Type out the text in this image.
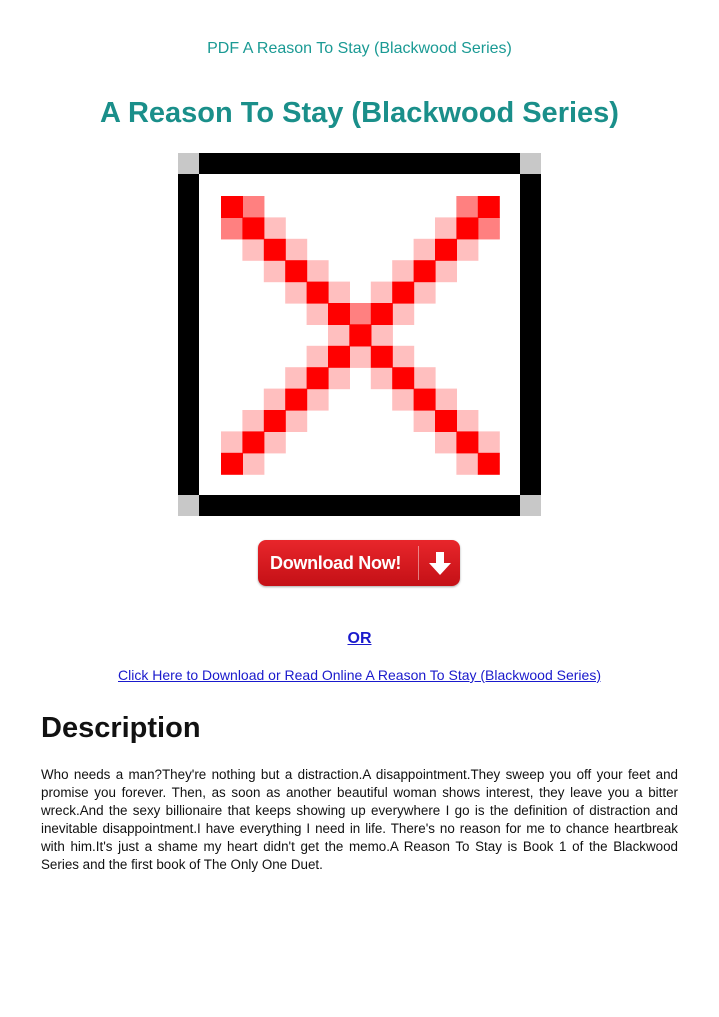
PDF A Reason To Stay (Blackwood Series)
A Reason To Stay (Blackwood Series)
Download Now!
OR
Click Here to Download or Read Online A Reason To Stay (Blackwood Series)
Description
Who needs a man?They're nothing but a distraction.A disappointment.They sweep you off your feet and promise you forever. Then, as soon as another beautiful woman shows interest, they leave you a bitter wreck.And the sexy billionaire that keeps showing up everywhere I go is the definition of distraction and inevitable disappointment.I have everything I need in life. There's no reason for me to chance heartbreak with him.It's just a shame my heart didn't get the memo.A Reason To Stay is Book 1 of the Blackwood Series and the first book of The Only One Duet.
